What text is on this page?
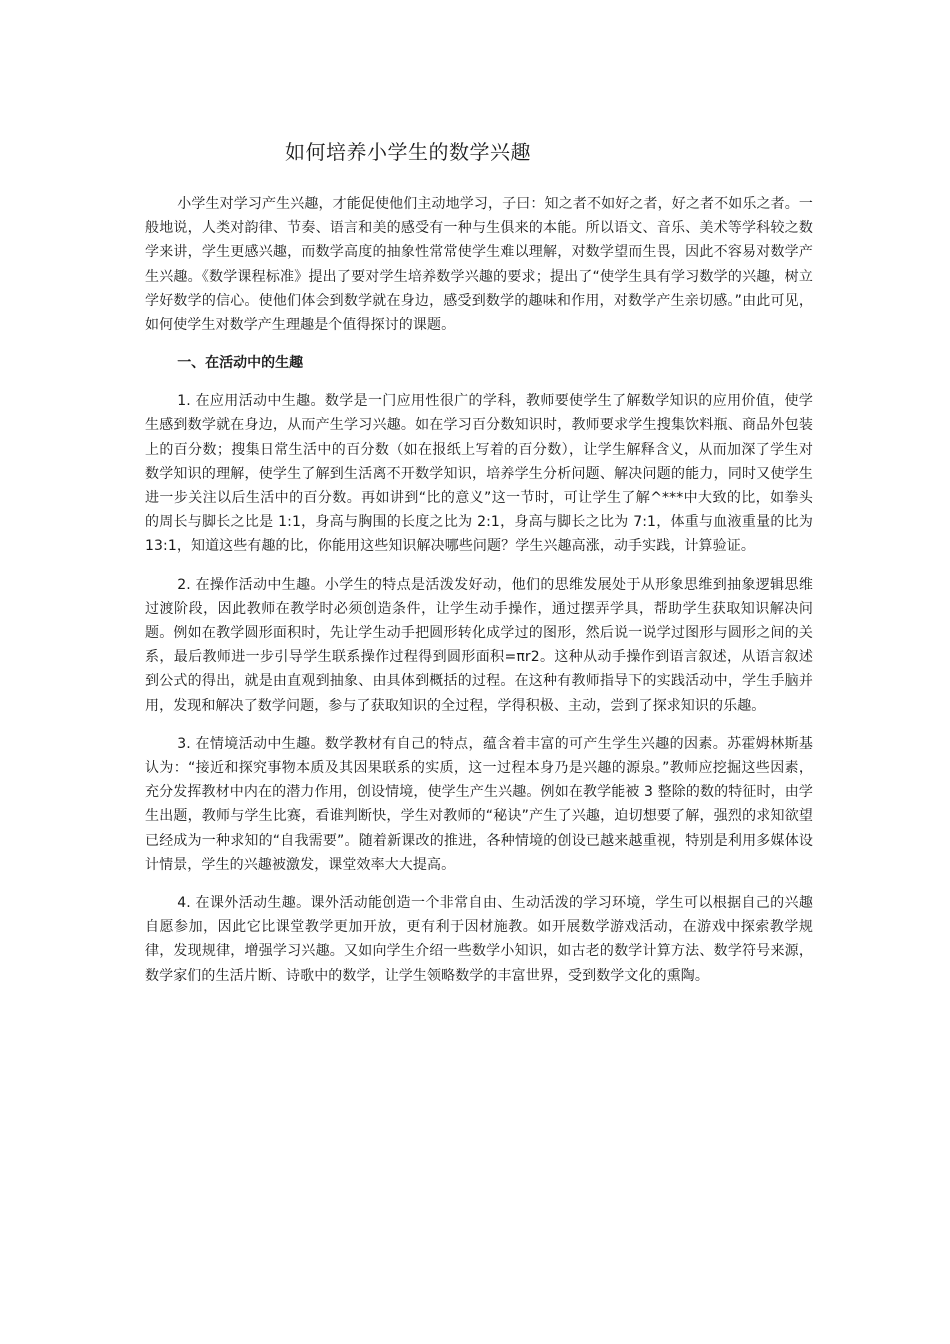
如何培养小学生的数学兴趣

小学生对学习产生兴趣，才能促使他们主动地学习，子曰：知之者不如好之者，好之者不如乐之者。一般地说，人类对韵律、节奏、语言和美的感受有一种与生俱来的本能。所以语文、音乐、美术等学科较之数学来讲，学生更感兴趣，而数学高度的抽象性常常使学生难以理解，对数学望而生畏，因此不容易对数学产生兴趣。《数学课程标准》提出了要对学生培养数学兴趣的要求；提出了“使学生具有学习数学的兴趣，树立学好数学的信心。使他们体会到数学就在身边，感受到数学的趣味和作用，对数学产生亲切感。”由此可见，如何使学生对数学产生理趣是个值得探讨的课题。

一、在活动中的生趣

1. 在应用活动中生趣。数学是一门应用性很广的学科，教师要使学生了解数学知识的应用价值，使学生感到数学就在身边，从而产生学习兴趣。如在学习百分数知识时，教师要求学生搜集饮料瓶、商品外包装上的百分数；搜集日常生活中的百分数（如在报纸上写着的百分数），让学生解释含义，从而加深了学生对数学知识的理解，使学生了解到生活离不开数学知识，培养学生分析问题、解决问题的能力，同时又使学生进一步关注以后生活中的百分数。再如讲到“比的意义”这一节时，可让学生了解^***中大致的比，如拳头的周长与脚长之比是 1:1，身高与胸围的长度之比为 2:1，身高与脚长之比为 7:1，体重与血液重量的比为 13:1，知道这些有趣的比，你能用这些知识解决哪些问题？学生兴趣高涨，动手实践，计算验证。

2. 在操作活动中生趣。小学生的特点是活泼发好动，他们的思维发展处于从形象思维到抽象逻辑思维过渡阶段，因此教师在教学时必须创造条件，让学生动手操作，通过摆弄学具，帮助学生获取知识解决问题。例如在教学圆形面积时，先让学生动手把圆形转化成学过的图形，然后说一说学过图形与圆形之间的关系，最后教师进一步引导学生联系操作过程得到圆形面积=πr2。这种从动手操作到语言叙述，从语言叙述到公式的得出，就是由直观到抽象、由具体到概括的过程。在这种有教师指导下的实践活动中，学生手脑并用，发现和解决了数学问题，参与了获取知识的全过程，学得积极、主动，尝到了探求知识的乐趣。

3. 在情境活动中生趣。数学教材有自己的特点，蕴含着丰富的可产生学生兴趣的因素。苏霍姆林斯基认为：“接近和探究事物本质及其因果联系的实质，这一过程本身乃是兴趣的源泉。”教师应挖掘这些因素，充分发挥教材中内在的潜力作用，创设情境，使学生产生兴趣。例如在教学能被 3 整除的数的特征时，由学生出题，教师与学生比赛，看谁判断快，学生对教师的“秘诀”产生了兴趣，迫切想要了解，强烈的求知欲望已经成为一种求知的“自我需要”。随着新课改的推进，各种情境的创设已越来越重视，特别是利用多媒体设计情景，学生的兴趣被激发，课堂效率大大提高。

4. 在课外活动生趣。课外活动能创造一个非常自由、生动活泼的学习环境，学生可以根据自己的兴趣自愿参加，因此它比课堂教学更加开放，更有利于因材施教。如开展数学游戏活动，在游戏中探索教学规律，发现规律，增强学习兴趣。又如向学生介绍一些数学小知识，如古老的数学计算方法、数学符号来源，数学家们的生活片断、诗歌中的数学，让学生领略数学的丰富世界，受到数学文化的熏陶。
